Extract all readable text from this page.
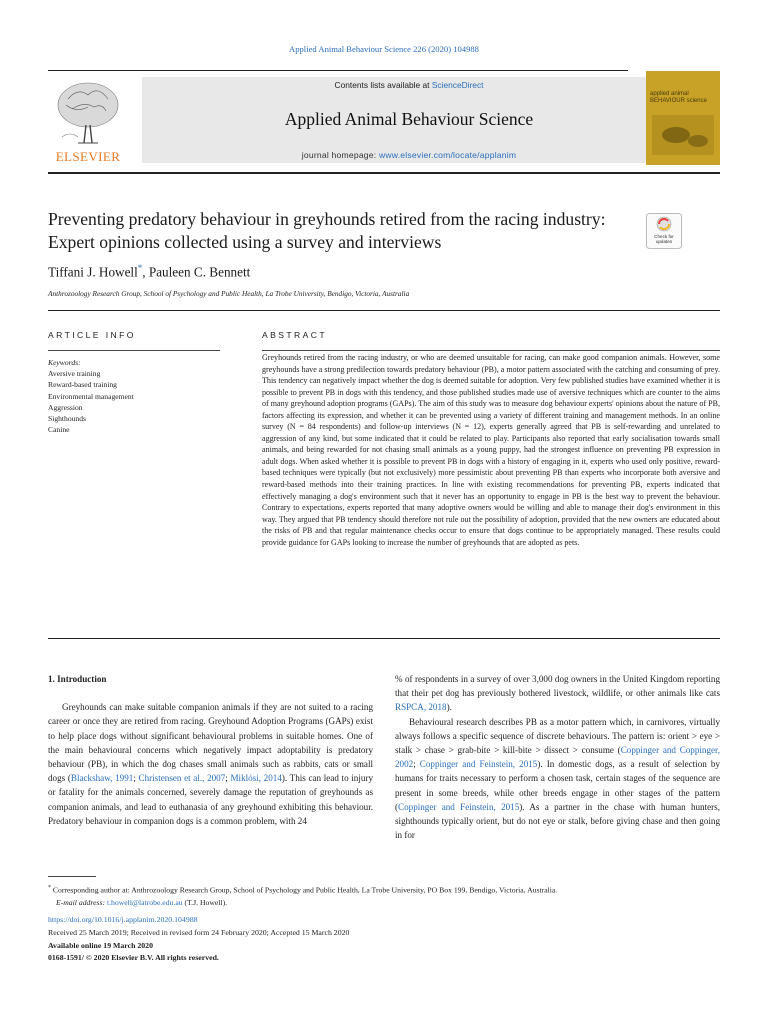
Applied Animal Behaviour Science 226 (2020) 104988
ELSEVIER
Contents lists available at ScienceDirect
Applied Animal Behaviour Science
journal homepage: www.elsevier.com/locate/applanim
applied animal BEHAVIOUR science
Preventing predatory behaviour in greyhounds retired from the racing industry: Expert opinions collected using a survey and interviews	Check for updates
Tiffani J. Howell*, Pauleen C. Bennett
Anthrozoology Research Group, School of Psychology and Public Health, La Trobe University, Bendigo, Victoria, Australia
ARTICLE INFO	ABSTRACT
Keywords:
Aversive training
Reward-based training
Environmental management
Aggression
Sighthounds
Canine
Greyhounds retired from the racing industry, or who are deemed unsuitable for racing, can make good companion animals. However, some greyhounds have a strong predilection towards predatory behaviour (PB), a motor pattern associated with the catching and consuming of prey. This tendency can negatively impact whether the dog is deemed suitable for adoption. Very few published studies have examined whether it is possible to prevent PB in dogs with this tendency, and those published studies made use of aversive techniques which are counter to the aims of many greyhound adoption programs (GAPs). The aim of this study was to measure dog behaviour experts' opinions about the nature of PB, factors affecting its expression, and whether it can be prevented using a variety of different training and management methods. In an online survey (N = 84 respondents) and follow-up interviews (N = 12), experts generally agreed that PB is self-rewarding and unrelated to aggression of any kind, but some indicated that it could be related to play. Participants also reported that early socialisation towards small animals, and being rewarded for not chasing small animals as a young puppy, had the strongest influence on preventing PB expression in adult dogs. When asked whether it is possible to prevent PB in dogs with a history of engaging in it, experts who used only positive, reward-based techniques were typically (but not exclusively) more pessimistic about preventing PB than experts who incorporate both aversive and reward-based methods into their training practices. In line with existing recommendations for preventing PB, experts indicated that effectively managing a dog's environment such that it never has an opportunity to engage in PB is the best way to prevent the behaviour. Contrary to expectations, experts reported that many adoptive owners would be willing and able to manage their dog's environment in this way. They argued that PB tendency should therefore not rule out the possibility of adoption, provided that the new owners are educated about the risks of PB and that regular maintenance checks occur to ensure that dogs continue to be appropriately managed. These results could provide guidance for GAPs looking to increase the number of greyhounds that are adopted as pets.
1. Introduction

Greyhounds can make suitable companion animals if they are not suited to a racing career or once they are retired from racing. Greyhound Adoption Programs (GAPs) exist to help place dogs without significant behavioural problems in suitable homes. One of the main behavioural concerns which negatively impact adoptability is predatory behaviour (PB), in which the dog chases small animals such as rabbits, cats or small dogs (Blackshaw, 1991; Christensen et al., 2007; Miklósi, 2014). This can lead to injury or fatality for the animals concerned, severely damage the reputation of greyhounds as companion animals, and lead to euthanasia of any greyhound exhibiting this behaviour. Predatory behaviour in companion dogs is a common problem, with 24

% of respondents in a survey of over 3,000 dog owners in the United Kingdom reporting that their pet dog has previously bothered livestock, wildlife, or other animals like cats RSPCA, 2018).

Behavioural research describes PB as a motor pattern which, in carnivores, virtually always follows a specific sequence of discrete behaviours. The pattern is: orient > eye > stalk > chase > grab-bite > kill-bite > dissect > consume (Coppinger and Coppinger, 2002; Coppinger and Feinstein, 2015). In domestic dogs, as a result of selection by humans for traits necessary to perform a chosen task, certain stages of the sequence are present in some breeds, while other breeds engage in other stages of the pattern (Coppinger and Feinstein, 2015). As a partner in the chase with human hunters, sighthounds typically orient, but do not eye or stalk, before giving chase and then going in for

* Corresponding author at: Anthrozoology Research Group, School of Psychology and Public Health, La Trobe University, PO Box 199, Bendigo, Victoria, Australia.
E-mail address: t.howell@latrobe.edu.au (T.J. Howell).
https://doi.org/10.1016/j.applanim.2020.104988
Received 25 March 2019; Received in revised form 24 February 2020; Accepted 15 March 2020
Available online 19 March 2020
0168-1591/ © 2020 Elsevier B.V. All rights reserved.
